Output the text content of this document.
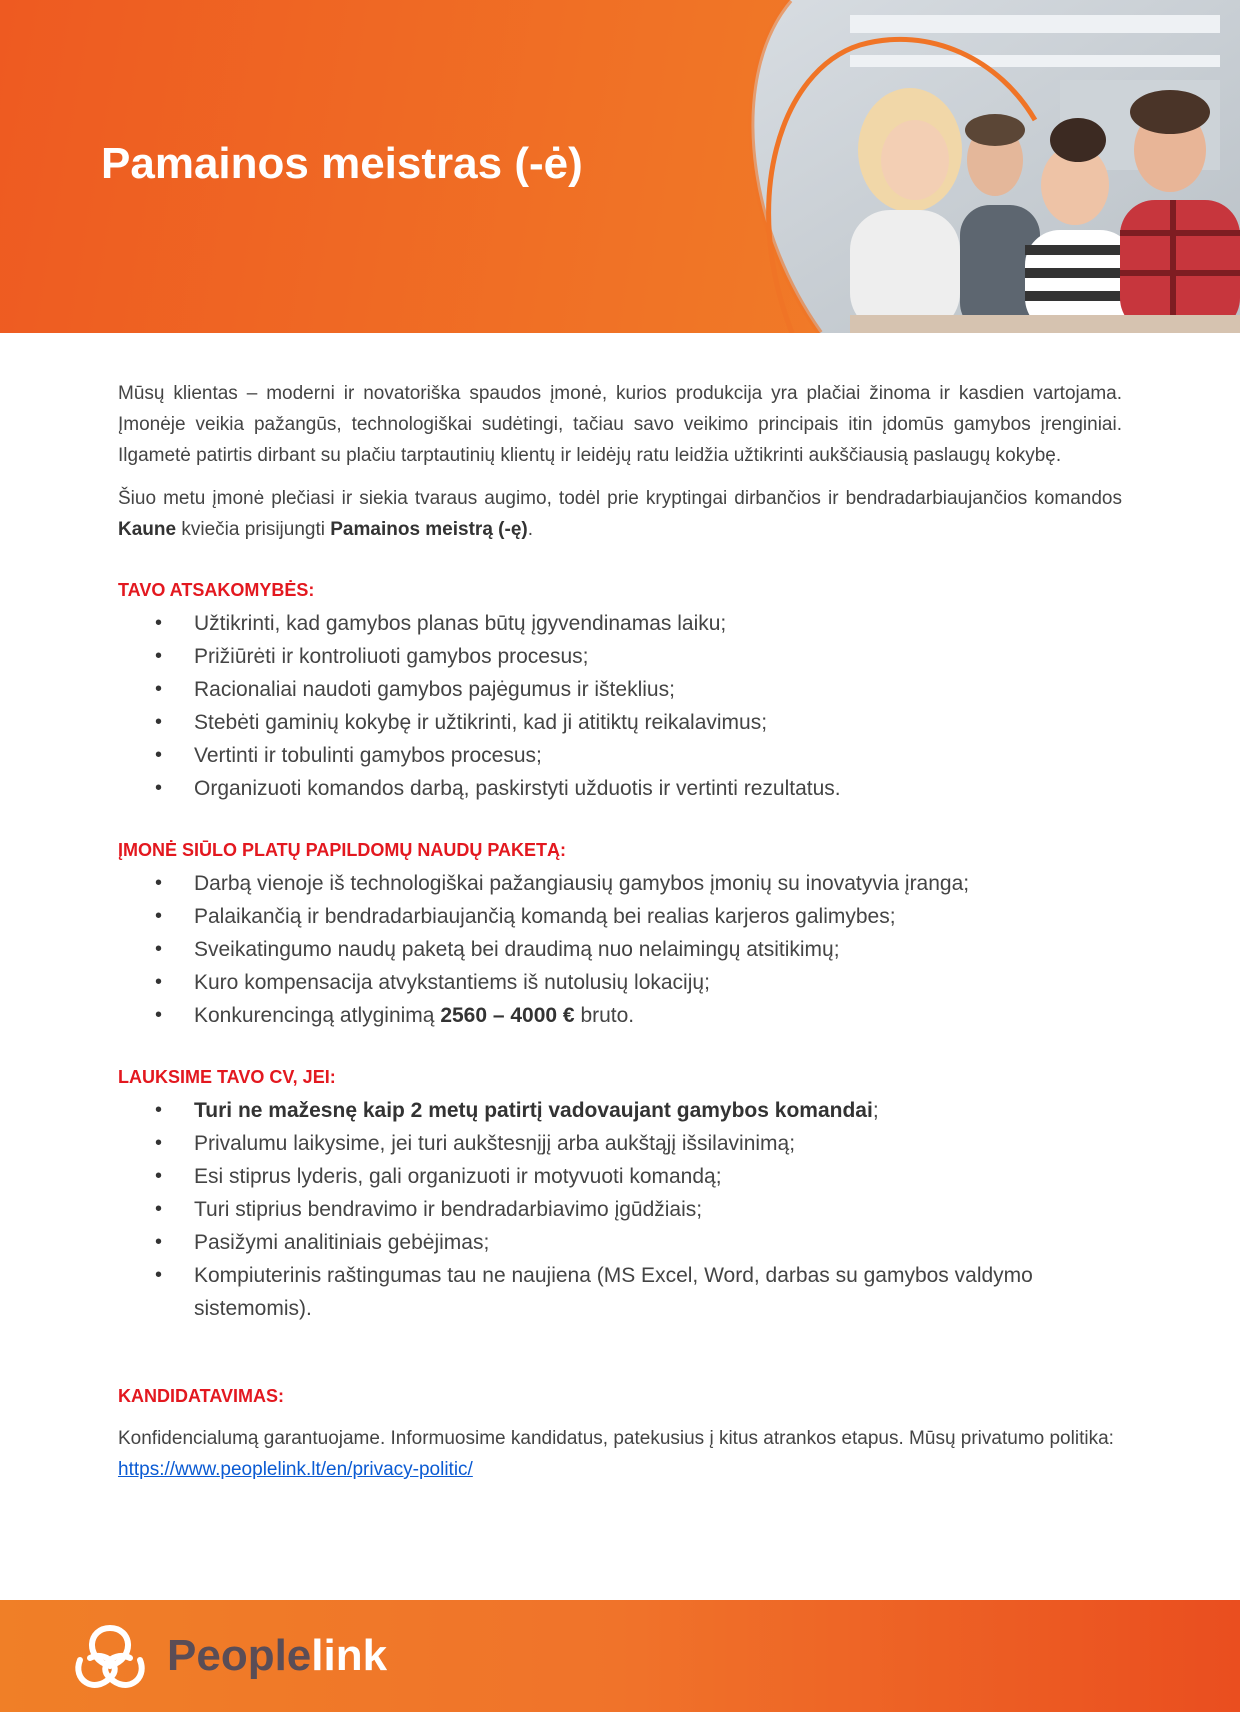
Pamainos meistras (-ė)

Mūsų klientas – moderni ir novatoriška spaudos įmonė, kurios produkcija yra plačiai žinoma ir kasdien vartojama. Įmonėje veikia pažangūs, technologiškai sudėtingi, tačiau savo veikimo principais itin įdomūs gamybos įrenginiai. Ilgametė patirtis dirbant su plačiu tarptautinių klientų ir leidėjų ratu leidžia užtikrinti aukščiausią paslaugų kokybę.

Šiuo metu įmonė plečiasi ir siekia tvaraus augimo, todėl prie kryptingai dirbančios ir bendradarbiaujančios komandos Kaune kviečia prisijungti Pamainos meistrą (-ę).

TAVO ATSAKOMYBĖS:
• Užtikrinti, kad gamybos planas būtų įgyvendinamas laiku;
• Prižiūrėti ir kontroliuoti gamybos procesus;
• Racionaliai naudoti gamybos pajėgumus ir išteklius;
• Stebėti gaminių kokybę ir užtikrinti, kad ji atitiktų reikalavimus;
• Vertinti ir tobulinti gamybos procesus;
• Organizuoti komandos darbą, paskirstyti užduotis ir vertinti rezultatus.
ĮMONĖ SIŪLO PLATŲ PAPILDOMŲ NAUDŲ PAKETĄ:
• Darbą vienoje iš technologiškai pažangiausių gamybos įmonių su inovatyvia įranga;
• Palaikančią ir bendradarbiaujančią komandą bei realias karjeros galimybes;
• Sveikatingumo naudų paketą bei draudimą nuo nelaimingų atsitikimų;
• Kuro kompensacija atvykstantiems iš nutolusių lokacijų;
• Konkurencingą atlyginimą 2560 – 4000 € bruto.
LAUKSIME TAVO CV, JEI:
• Turi ne mažesnę kaip 2 metų patirtį vadovaujant gamybos komandai;
• Privalumu laikysime, jei turi aukštesnįjį arba aukštąjį išsilavinimą;
• Esi stiprus lyderis, gali organizuoti ir motyvuoti komandą;
• Turi stiprius bendravimo ir bendradarbiavimo įgūdžiais;
• Pasižymi analitiniais gebėjimas;
• Kompiuterinis raštingumas tau ne naujiena (MS Excel, Word, darbas su gamybos valdymo sistemomis).
KANDIDATAVIMAS:

Konfidencialumą garantuojame. Informuosime kandidatus, patekusius į kitus atrankos etapus. Mūsų privatumo politika: https://www.peoplelink.lt/en/privacy-politic/

Peoplelink
